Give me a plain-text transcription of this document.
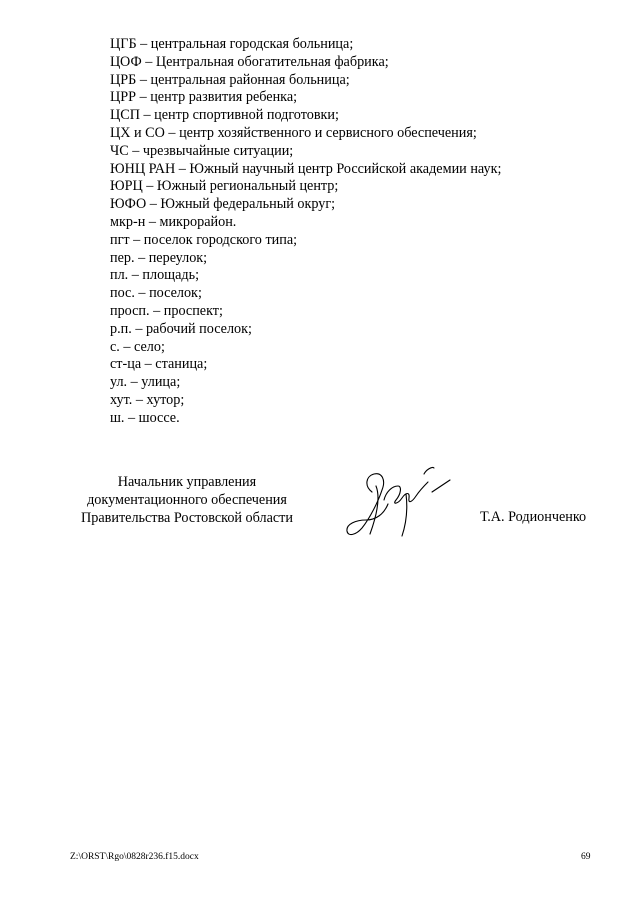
ЦГБ – центральная городская больница;
ЦОФ – Центральная обогатительная фабрика;
ЦРБ – центральная районная больница;
ЦРР – центр развития ребенка;
ЦСП – центр спортивной подготовки;
ЦХ и СО – центр хозяйственного и сервисного обеспечения;
ЧС – чрезвычайные ситуации;
ЮНЦ РАН – Южный научный центр Российской академии наук;
ЮРЦ – Южный региональный центр;
ЮФО – Южный федеральный округ;
мкр-н – микрорайон.
пгт – поселок городского типа;
пер. – переулок;
пл. – площадь;
пос. – поселок;
просп. – проспект;
р.п. – рабочий поселок;
с. – село;
ст-ца – станица;
ул. – улица;
хут. – хутор;
ш. – шоссе.
Начальник управления
документационного обеспечения
Правительства Ростовской области	Т.А. Родионченко
Z:\ORST\Rgo\0828r236.f15.docx	69
